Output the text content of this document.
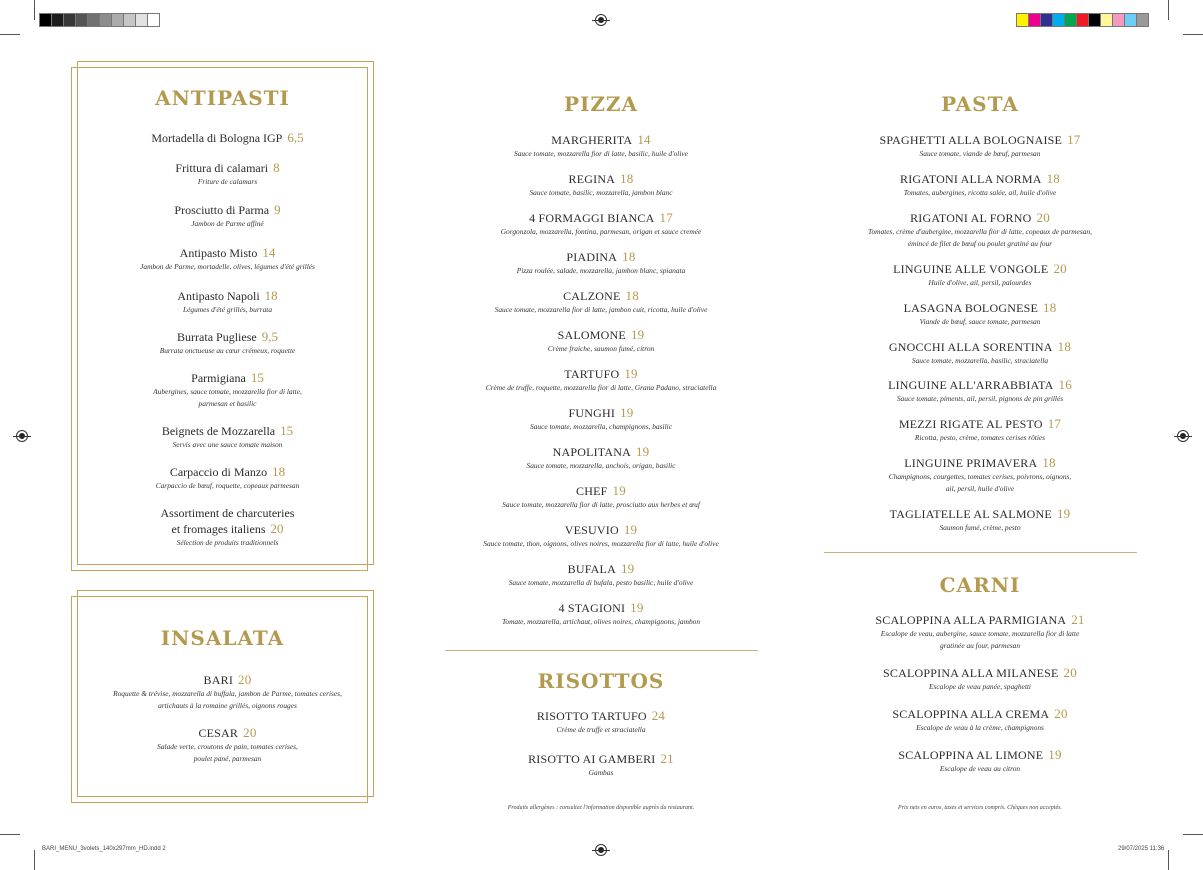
BARI_MENU_3volets_140x297mm_HD.indd 2	29/07/2025 11:36
ANTIPASTI
Mortadella di Bologna IGP 6,5
Frittura di calamari 8
Friture de calamars
Prosciutto di Parma 9
Jambon de Parme affiné
Antipasto Misto 14
Jambon de Parme, mortadelle, olives, légumes d'été grillés
Antipasto Napoli 18
Légumes d'été grillés, burrata
Burrata Pugliese 9,5
Burrata onctueuse au cœur crémeux, roquette
Parmigiana 15
Aubergines, sauce tomate, mozzarella fior di latte,
parmesan et basilic
Beignets de Mozzarella 15
Servis avec une sauce tomate maison
Carpaccio di Manzo 18
Carpaccio de bœuf, roquette, copeaux parmesan
Assortiment de charcuteries
et fromages italiens 20
Sélection de produits traditionnels
INSALATA
BARI 20
Roquette & trévise, mozzarella di buffala, jambon de Parme, tomates cerises,
artichauts à la romaine grillés, oignons rouges
CESAR 20
Salade verte, croutons de pain, tomates cerises,
poulet pané, parmesan
PIZZA
MARGHERITA 14
Sauce tomate, mozzarella fior di latte, basilic, huile d'olive
REGINA 18
Sauce tomate, basilic, mozzarella, jambon blanc
4 FORMAGGI BIANCA 17
Gorgonzola, mozzarella, fontina, parmesan, origan et sauce cremée
PIADINA 18
Pizza roulée, salade, mozzarella, jambon blanc, spianata
CALZONE 18
Sauce tomate, mozzarella fior di latte, jambon cuit, ricotta, huile d'olive
SALOMONE 19
Crème fraiche, saumon fumé, citron
TARTUFO 19
Crème de truffe, roquette, mozzarella fior di latte, Grana Padano, straciatella
FUNGHI 19
Sauce tomate, mozzarella, champignons, basilic
NAPOLITANA 19
Sauce tomate, mozzarella, anchois, origan, basilic
CHEF 19
Sauce tomate, mozzarella fior di latte, prosciutto aux herbes et œuf
VESUVIO 19
Sauce tomate, thon, oignons, olives noires, mozzarella fior di latte, huile d'olive
BUFALA 19
Sauce tomate, mozzarella di bufala, pesto basilic, huile d'olive
4 STAGIONI 19
Tomate, mozzarella, artichaut, olives noires, champignons, jambon
RISOTTOS
RISOTTO TARTUFO 24
Crème de truffe et straciatella
RISOTTO AI GAMBERI 21
Gambas
Produits allergènes : consultez l'information disponible auprès du restaurant.
PASTA
SPAGHETTI ALLA BOLOGNAISE 17
Sauce tomate, viande de bœuf, parmesan
RIGATONI ALLA NORMA 18
Tomates, aubergines, ricotta salée, ail, huile d'olive
RIGATONI AL FORNO 20
Tomates, crème d'aubergine, mozzarella fior di latte, copeaux de parmesan,
émincé de filet de bœuf ou poulet gratiné au four
LINGUINE ALLE VONGOLE 20
Huile d'olive, ail, persil, palourdes
LASAGNA BOLOGNESE 18
Viande de bœuf, sauce tomate, parmesan
GNOCCHI ALLA SORENTINA 18
Sauce tomate, mozzarella, basilic, straciatella
LINGUINE ALL'ARRABBIATA 16
Sauce tomate, piments, ail, persil, pignons de pin grillés
MEZZI RIGATE AL PESTO 17
Ricotta, pesto, crème, tomates cerises rôties
LINGUINE PRIMAVERA 18
Champignons, courgettes, tomates cerises, poivrons, oignons,
ail, persil, huile d'olive
TAGLIATELLE AL SALMONE 19
Saumon fumé, crème, pesto
CARNI
SCALOPPINA ALLA PARMIGIANA 21
Escalope de veau, aubergine, sauce tomate, mozzarella fior di latte
gratinée au four, parmesan
SCALOPPINA ALLA MILANESE 20
Escalope de veau panée, spaghetti
SCALOPPINA ALLA CREMA 20
Escalope de veau à la crème, champignons
SCALOPPINA AL LIMONE 19
Escalope de veau au citron
Prix nets en euros, taxes et services compris. Chèques non acceptés.
